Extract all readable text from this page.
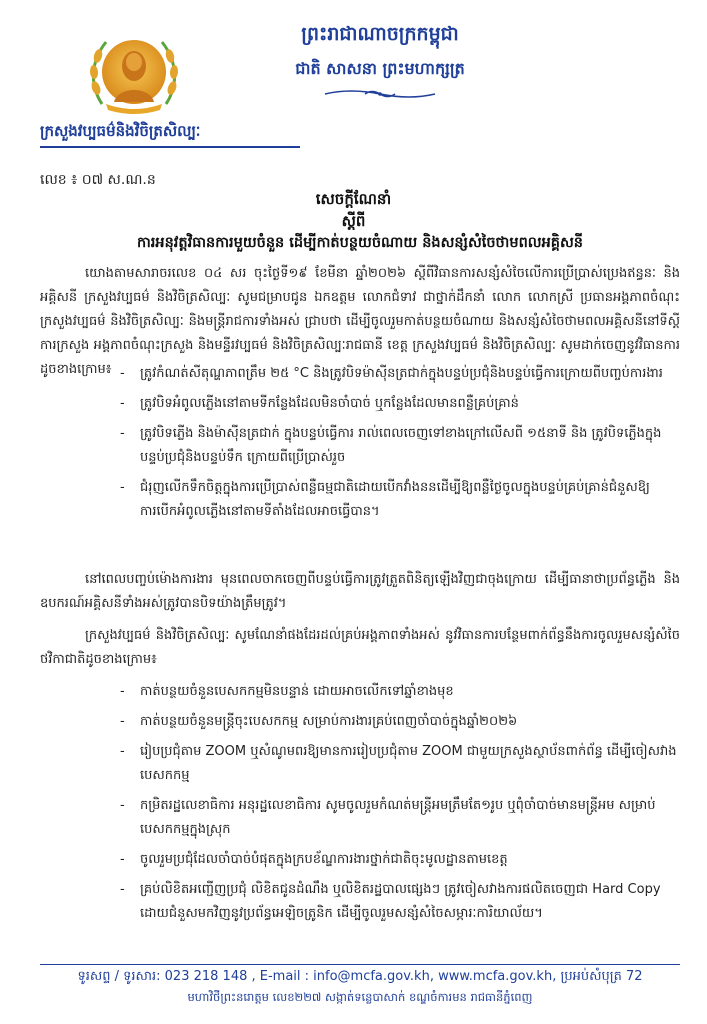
ព្រះរាជាណាចក្រកម្ពុជា
ជាតិ សាសនា ព្រះមហាក្សត្រ
ក្រសួងវប្បធម៌និងវិចិត្រសិល្បៈ
លេខ ៖ ០៧ ស.ណ.ន
សេចក្តីណែនាំ
ស្តីពី
ការអនុវត្តវិធានការមួយចំនួន ដើម្បីកាត់បន្ថយចំណាយ និងសន្សំសំចៃថាមពលអគ្គិសនី
យោងតាមសារាចរលេខ ០៤ សរ ចុះថ្ងៃទី១៩ ខែមីនា ឆ្នាំ២០២៦ ស្តីពីវិធានការសន្សំសំចៃលើការប្រើប្រាស់ប្រេងឥន្ធនៈ និងអគ្គិសនី ក្រសួងវប្បធម៌ និងវិចិត្រសិល្បៈ សូមជម្រាបជូន ឯកឧត្តម លោកជំទាវ ជាថ្នាក់ដឹកនាំ លោក លោកស្រី ប្រធានអង្គភាពចំណុះក្រសួងវប្បធម៌ និងវិចិត្រសិល្បៈ និងមន្ត្រីរាជការទាំងអស់ ជ្រាបថា ដើម្បីចូលរួមកាត់បន្ថយចំណាយ និងសន្សំសំចៃថាមពលអគ្គិសនីនៅទីស្តីការក្រសួង អង្គភាពចំណុះក្រសួង និងមន្ទីរវប្បធម៌ និងវិចិត្រសិល្បៈរាជធានី ខេត្ត ក្រសួងវប្បធម៌ និងវិចិត្រសិល្បៈ សូមដាក់ចេញនូវវិធានការដូចខាងក្រោម៖ - ត្រូវកំណត់សីតុណ្ហភាពត្រឹម ២៥ °C និងត្រូវបិទម៉ាស៊ីនត្រជាក់ក្នុងបន្ទប់ប្រជុំនិងបន្ទប់ធ្វើការក្រោយពីបញ្ចប់ការងារ
- ត្រូវបិទអំពូលភ្លើងនៅតាមទីកន្លែងដែលមិនចាំបាច់ ឬកន្លែងដែលមានពន្លឺគ្រប់គ្រាន់
- ត្រូវបិទភ្លើង និងម៉ាស៊ីនត្រជាក់ ក្នុងបន្ទប់ធ្វើការ រាល់ពេលចេញទៅខាងក្រៅលើសពី ១៥នាទី និង ត្រូវបិទភ្លើងក្នុងបន្ទប់ប្រជុំនិងបន្ទប់ទឹក ក្រោយពីប្រើប្រាស់រួច
- ជំរុញលើកទឹកចិត្តក្នុងការប្រើប្រាស់ពន្លឺធម្មជាតិដោយបើកវាំងននដើម្បីឱ្យពន្លឺថ្ងៃចូលក្នុងបន្ទប់គ្រប់គ្រាន់ជំនួសឱ្យការបើកអំពូលភ្លើងនៅតាមទីតាំងដែលអាចធ្វើបាន។
នៅពេលបញ្ចប់ម៉ោងការងារ មុនពេលចាកចេញពីបន្ទប់ធ្វើការត្រូវត្រួតពិនិត្យឡើងវិញជាចុងក្រោយ ដើម្បីធានាថាប្រព័ន្ធភ្លើង និងឧបករណ៍អគ្គិសនីទាំងអស់ត្រូវបានបិទយ៉ាងត្រឹមត្រូវ។
ក្រសួងវប្បធម៌ និងវិចិត្រសិល្បៈ សូមណែនាំផងដែរដល់គ្រប់អង្គភាពទាំងអស់ នូវវិធានការបន្ថែមពាក់ព័ន្ធនឹងការចូលរួមសន្សំសំចៃថវិកាជាតិដូចខាងក្រោម៖
- កាត់បន្ថយចំនួនបេសកកម្មមិនបន្ទាន់ ដោយអាចលើកទៅឆ្នាំខាងមុខ
- កាត់បន្ថយចំនួនមន្ត្រីចុះបេសកកម្ម សម្រាប់ការងារគ្រប់ពេញចាំបាច់ក្នុងឆ្នាំ២០២៦
- រៀបប្រជុំតាម ZOOM ឬសំណូមពរឱ្យមានការរៀបប្រជុំតាម ZOOM ជាមួយក្រសួងស្ថាប័នពាក់ព័ន្ធ ដើម្បីចៀសវាងបេសកកម្ម
- កម្រិតរដ្ឋលេខាធិការ អនុរដ្ឋលេខាធិការ សូមចូលរួមកំណត់មន្ត្រីអមត្រឹមតែ១រូប ឬពុំចាំបាច់មានមន្ត្រីអម សម្រាប់បេសកកម្មក្នុងស្រុក
- ចូលរួមប្រជុំដែលចាំបាច់បំផុតក្នុងក្របខ័ណ្ឌការងារថ្នាក់ជាតិចុះមូលដ្ឋានតាមខេត្ត
- គ្រប់លិខិតអញ្ជើញប្រជុំ លិខិតជូនដំណឹង ឬលិខិតរដ្ឋបាលផ្សេងៗ ត្រូវចៀសវាងការផលិតចេញជា Hard Copy ដោយជំនួសមកវិញនូវប្រព័ន្ធអេឡិចត្រូនិក ដើម្បីចូលរួមសន្សំសំចៃសម្ភារៈការិយាល័យ។
ទូរសព្ទ / ទូរសារ: 023 218 148 , E-mail : info@mcfa.gov.kh, www.mcfa.gov.kh, ប្រអប់សំបុត្រ 72
មហាវិថីព្រះនរោត្តម លេខ២២៧ សង្កាត់ទន្លេបាសាក់ ខណ្ឌចំការមន រាជធានីភ្នំពេញ
